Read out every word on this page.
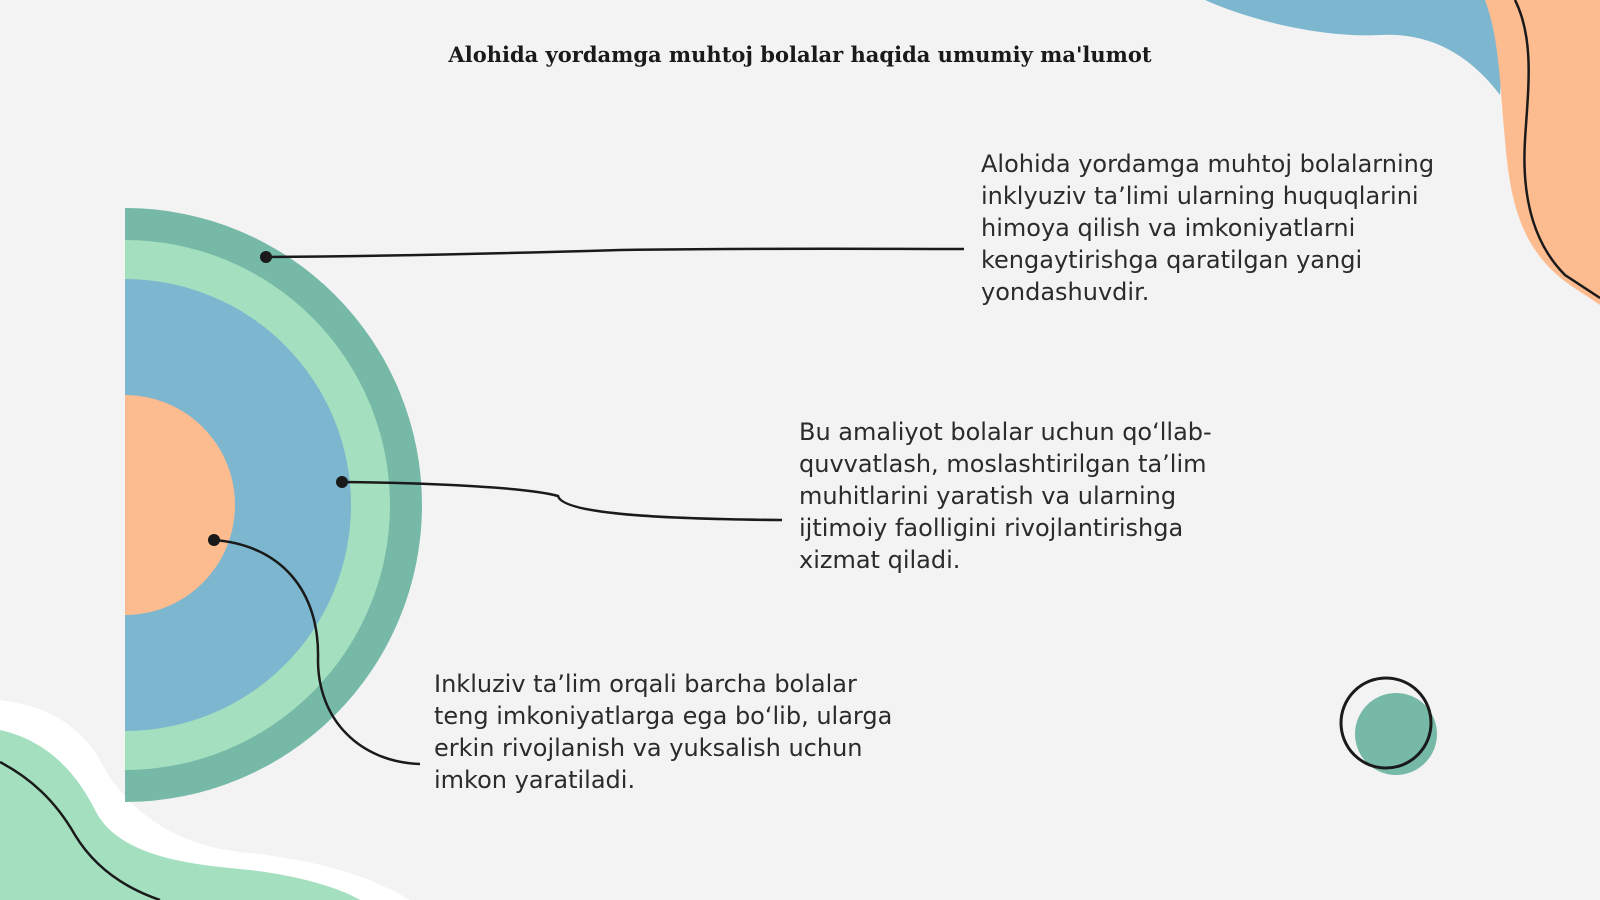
Alohida yordamga muhtoj bolalar haqida umumiy ma'lumot

Alohida yordamga muhtoj bolalarning inklyuziv ta’limi ularning huquqlarini himoya qilish va imkoniyatlarni kengaytirishga qaratilgan yangi yondashuvdir.

Bu amaliyot bolalar uchun qo‘llab-quvvatlash, moslashtirilgan ta’lim muhitlarini yaratish va ularning ijtimoiy faolligini rivojlantirishga xizmat qiladi.

Inkluziv ta’lim orqali barcha bolalar teng imkoniyatlarga ega bo‘lib, ularga erkin rivojlanish va yuksalish uchun imkon yaratiladi.
